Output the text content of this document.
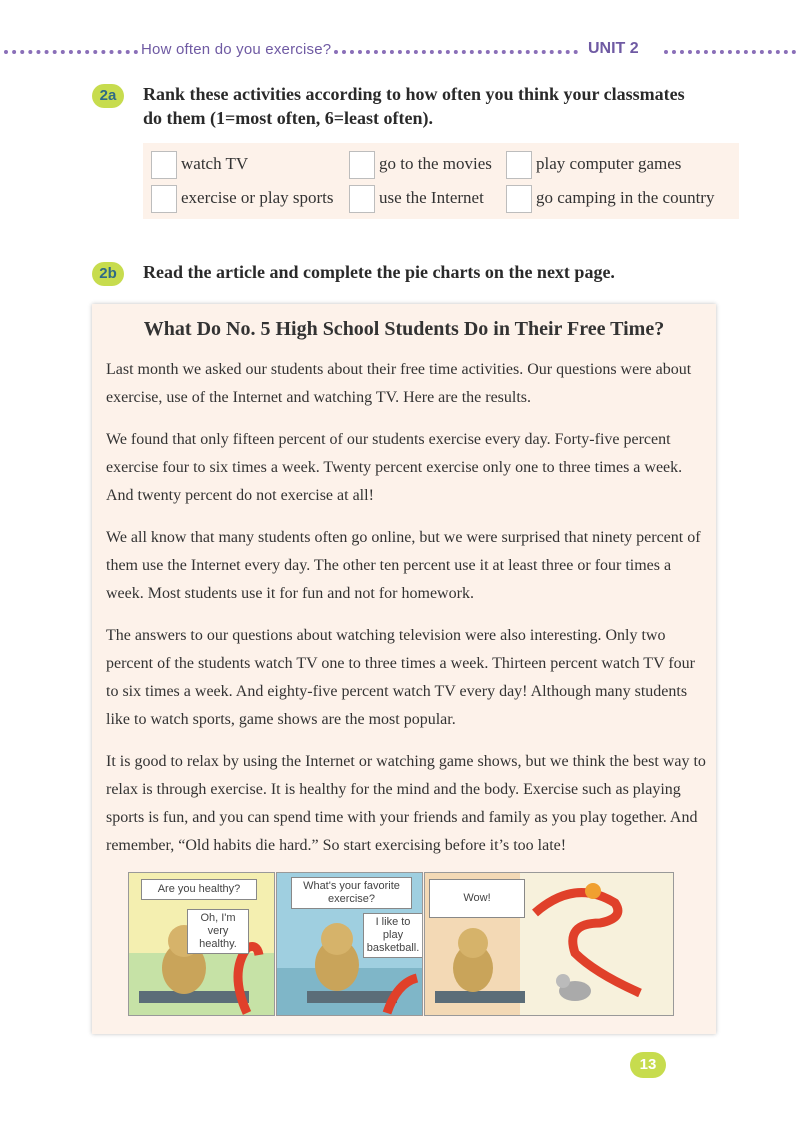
How often do you exercise?	UNIT 2
2a	Rank these activities according to how often you think your classmates
do them (1=most often, 6=least often).
watch TV	go to the movies	play computer games
exercise or play sports	use the Internet	go camping in the country
2b	Read the article and complete the pie charts on the next page.
What Do No. 5 High School Students Do in Their Free Time?
Last month we asked our students about their free time activities. Our questions were about exercise, use of the Internet and watching TV. Here are the results.
We found that only fifteen percent of our students exercise every day. Forty-five percent exercise four to six times a week. Twenty percent exercise only one to three times a week. And twenty percent do not exercise at all!
We all know that many students often go online, but we were surprised that ninety percent of them use the Internet every day. The other ten percent use it at least three or four times a week. Most students use it for fun and not for homework.
The answers to our questions about watching television were also interesting. Only two percent of the students watch TV one to three times a week. Thirteen percent watch TV four to six times a week. And eighty-five percent watch TV every day! Although many students like to watch sports, game shows are the most popular.
It is good to relax by using the Internet or watching game shows, but we think the best way to relax is through exercise. It is healthy for the mind and the body. Exercise such as playing sports is fun, and you can spend time with your friends and family as you play together. And remember, “Old habits die hard.” So start exercising before it’s too late!
Are you healthy?
Oh, I'm very healthy.
What's your favorite exercise?
I like to play basketball.
Wow!
13
